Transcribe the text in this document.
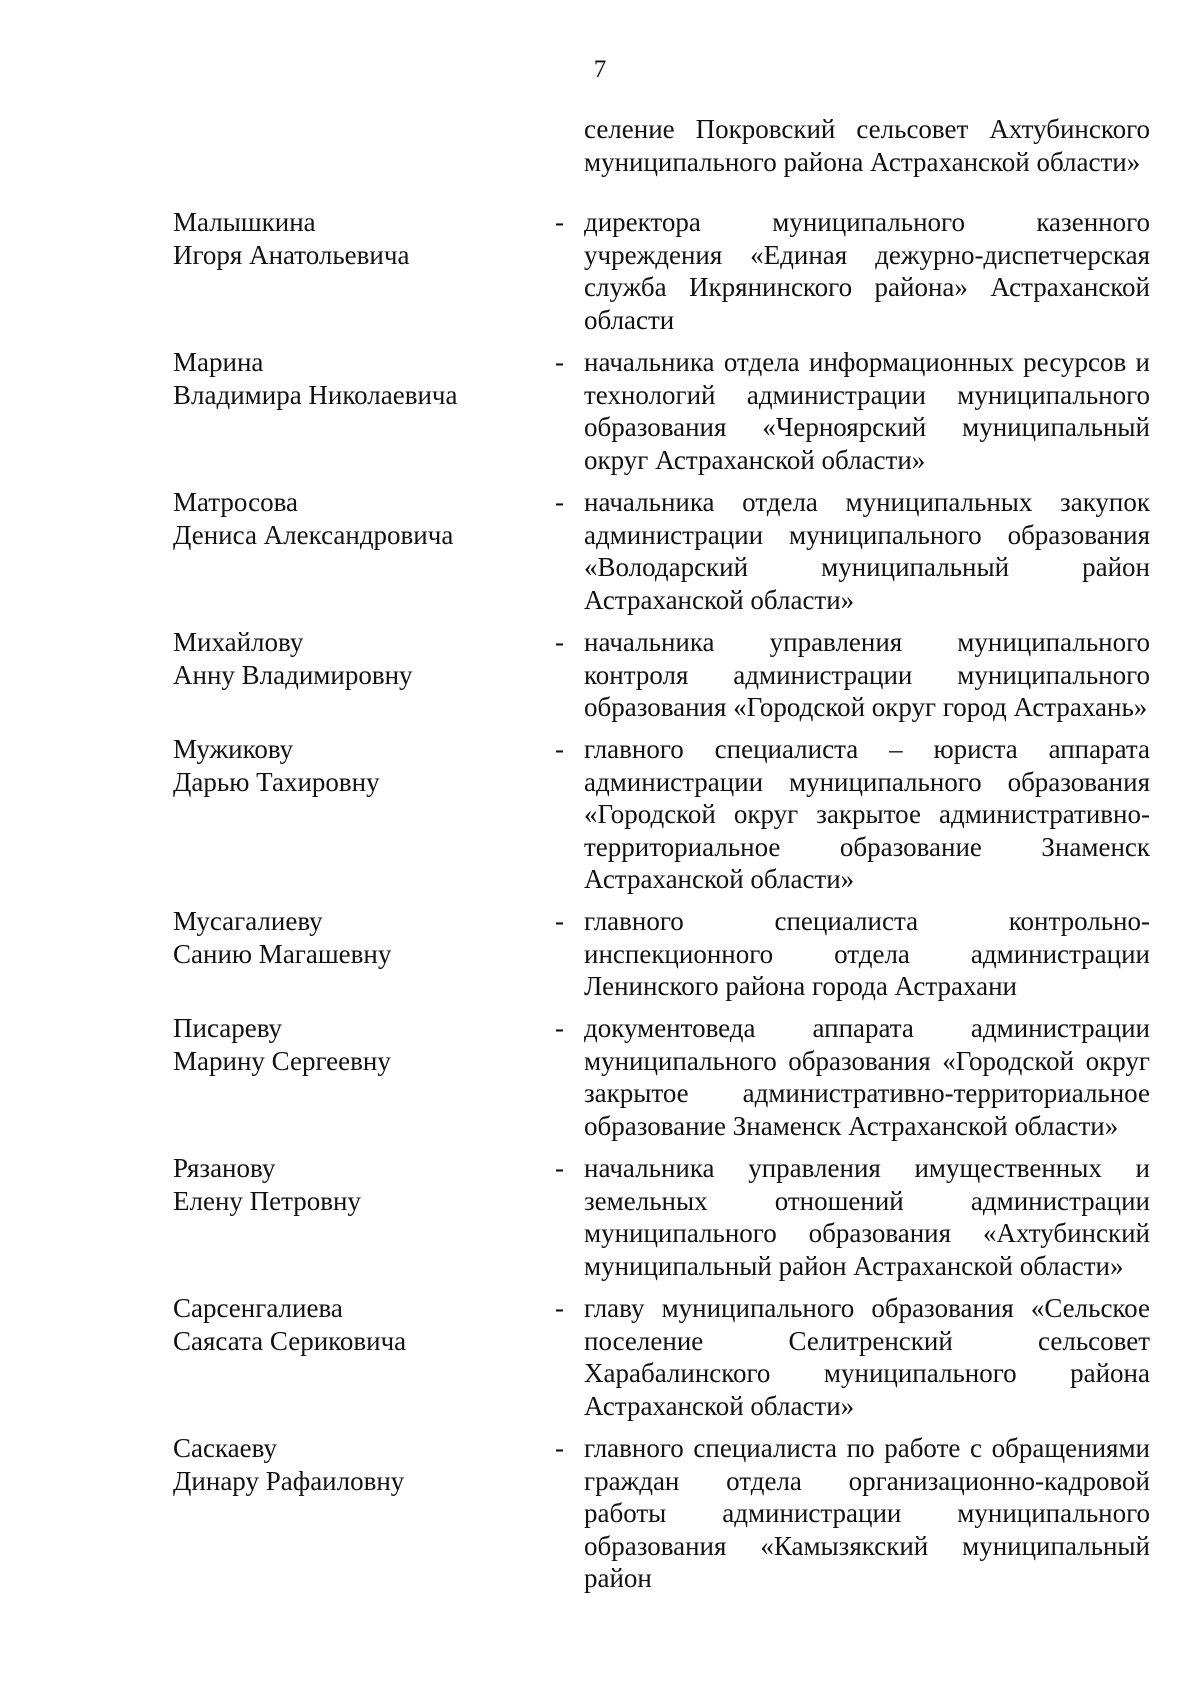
7
селение Покровский сельсовет Ахтубинского муниципального района Астраханской области»
Малышкина
Игоря Анатольевича
- директора муниципального казенного учреждения «Единая дежурно-диспетчерская служба Икрянинского района» Астраханской области
Марина
Владимира Николаевича
- начальника отдела информационных ресурсов и технологий администрации муниципального образования «Черноярский муниципальный округ Астраханской области»
Матросова
Дениса Александровича
- начальника отдела муниципальных закупок администрации муниципального образования «Володарский муниципальный район Астраханской области»
Михайлову
Анну Владимировну
- начальника управления муниципального контроля администрации муниципального образования «Городской округ город Астрахань»
Мужикову
Дарью Тахировну
- главного специалиста – юриста аппарата администрации муниципального образования «Городской округ закрытое административно-территориальное образование Знаменск Астраханской области»
Мусагалиеву
Санию Магашевну
- главного специалиста контрольно-инспекционного отдела администрации Ленинского района города Астрахани
Писареву
Марину Сергеевну
- документоведа аппарата администрации муниципального образования «Городской округ закрытое административно-территориальное образование Знаменск Астраханской области»
Рязанову
Елену Петровну
- начальника управления имущественных и земельных отношений администрации муниципального образования «Ахтубинский муниципальный район Астраханской области»
Сарсенгалиева
Саясата Сериковича
- главу муниципального образования «Сельское поселение Селитренский сельсовет Харабалинского муниципального района Астраханской области»
Саскаеву
Динару Рафаиловну
- главного специалиста по работе с обращениями граждан отдела организационно-кадровой работы администрации муниципального образования «Камызякский муниципальный район
